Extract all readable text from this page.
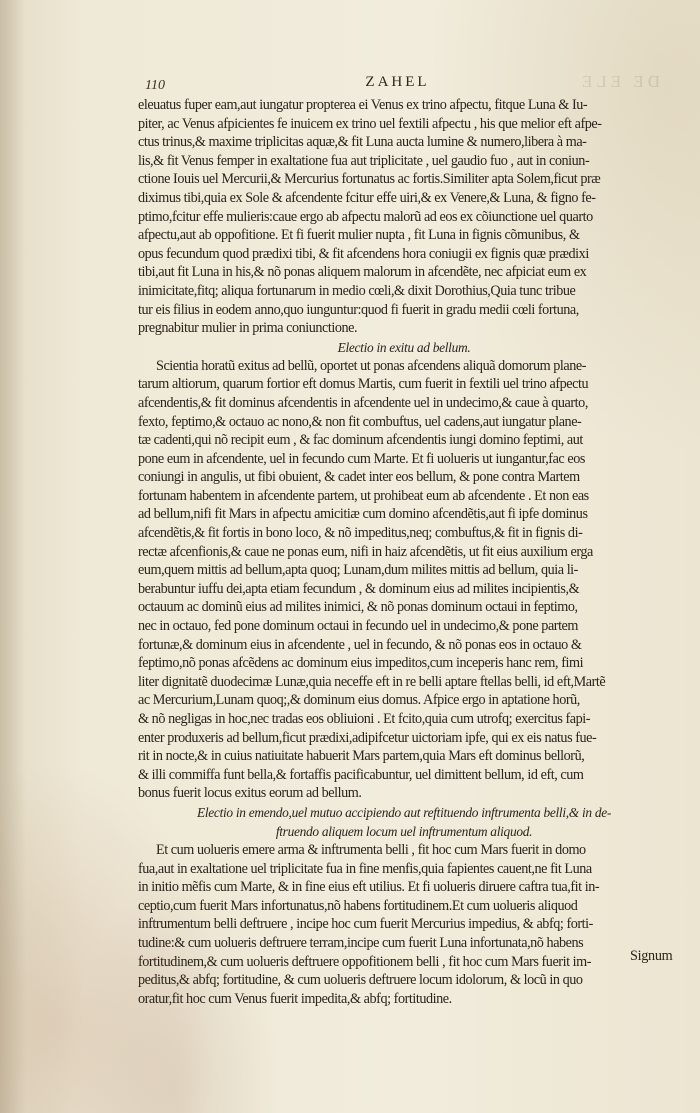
DE ELE
110	ZAHEL
eleuatus fuper eam,aut iungatur propterea ei Venus ex trino afpectu, fitque Luna & Iu-
piter, ac Venus afpicientes fe inuicem ex trino uel fextili afpectu , his que melior eft afpe-
ctus trinus,& maxime triplicitas aquæ,& fit Luna aucta lumine & numero,libera à ma-
lis,& fit Venus femper in exaltatione fua aut triplicitate , uel gaudio fuo , aut in coniun-
ctione Iouis uel Mercurii,& Mercurius fortunatus ac fortis.Similiter apta Solem,ficut præ
diximus tibi,quia ex Sole & afcendente fcitur effe uiri,& ex Venere,& Luna, & figno fe-
ptimo,fcitur effe mulieris:caue ergo ab afpectu malorũ ad eos ex cõiunctione uel quarto
afpectu,aut ab oppofitione. Et fi fuerit mulier nupta , fit Luna in fignis cõmunibus, &
opus fecundum quod prædixi tibi, & fit afcendens hora coniugii ex fignis quæ prædixi
tibi,aut fit Luna in his,& nõ ponas aliquem malorum in afcendẽte, nec afpiciat eum ex
inimicitate,fitq; aliqua fortunarum in medio cœli,& dixit Dorothius,Quia tunc tribue
tur eis filius in eodem anno,quo iunguntur:quod fi fuerit in gradu medii cœli fortuna,
pregnabitur mulier in prima coniunctione.
Electio in exitu ad bellum.
Scientia horatũ exitus ad bellũ, oportet ut ponas afcendens aliquã domorum plane-
tarum altiorum, quarum fortior eft domus Martis, cum fuerit in fextili uel trino afpectu
afcendentis,& fit dominus afcendentis in afcendente uel in undecimo,& caue à quarto,
fexto, feptimo,& octauo ac nono,& non fit combuftus, uel cadens,aut iungatur plane-
tæ cadenti,qui nõ recipit eum , & fac dominum afcendentis iungi domino feptimi, aut
pone eum in afcendente, uel in fecundo cum Marte. Et fi uolueris ut iungantur,fac eos
coniungi in angulis, ut fibi obuient, & cadet inter eos bellum, & pone contra Martem
fortunam habentem in afcendente partem, ut prohibeat eum ab afcendente . Et non eas
ad bellum,nifi fit Mars in afpectu amicitiæ cum domino afcendẽtis,aut fi ipfe dominus
afcendẽtis,& fit fortis in bono loco, & nõ impeditus,neq; combuftus,& fit in fignis di-
rectæ afcenfionis,& caue ne ponas eum, nifi in haiz afcendẽtis, ut fit eius auxilium erga
eum,quem mittis ad bellum,apta quoq; Lunam,dum milites mittis ad bellum, quia li-
berabuntur iuffu dei,apta etiam fecundum , & dominum eius ad milites incipientis,&
octauum ac dominũ eius ad milites inimici, & nõ ponas dominum octaui in feptimo,
nec in octauo, fed pone dominum octaui in fecundo uel in undecimo,& pone partem
fortunæ,& dominum eius in afcendente , uel in fecundo, & nõ ponas eos in octauo &
feptimo,nõ ponas afcẽdens ac dominum eius impeditos,cum inceperis hanc rem, fimi
liter dignitatẽ duodecimæ Lunæ,quia neceffe eft in re belli aptare ftellas belli, id eft,Martẽ
ac Mercurium,Lunam quoq;,& dominum eius domus. Afpice ergo in aptatione horũ,
& nõ negligas in hoc,nec tradas eos obliuioni . Et fcito,quia cum utrofq; exercitus fapi-
enter produxeris ad bellum,ficut prædixi,adipifcetur uictoriam ipfe, qui ex eis natus fue-
rit in nocte,& in cuius natiuitate habuerit Mars partem,quia Mars eft dominus bellorũ,
& illi commiffa funt bella,& fortaffis pacificabuntur, uel dimittent bellum, id eft, cum
bonus fuerit locus exitus eorum ad bellum.
Electio in emendo,uel mutuo accipiendo aut reftituendo inftrumenta belli,& in de-
ftruendo aliquem locum uel inftrumentum aliquod.
Et cum uolueris emere arma & inftrumenta belli , fit hoc cum Mars fuerit in domo
fua,aut in exaltatione uel triplicitate fua in fine menfis,quia fapientes cauent,ne fit Luna
in initio mẽfis cum Marte, & in fine eius eft utilius. Et fi uolueris diruere caftra tua,fit in-
ceptio,cum fuerit Mars infortunatus,nõ habens fortitudinem.Et cum uolueris aliquod
inftrumentum belli deftruere , incipe hoc cum fuerit Mercurius impedius, & abfq; forti-
tudine:& cum uolueris deftruere terram,incipe cum fuerit Luna infortunata,nõ habens
fortitudinem,& cum uolueris deftruere oppofitionem belli , fit hoc cum Mars fuerit im-
peditus,& abfq; fortitudine, & cum uolueris deftruere locum idolorum, & locũ in quo
oratur,fit hoc cum Venus fuerit impedita,& abfq; fortitudine.
Signum
